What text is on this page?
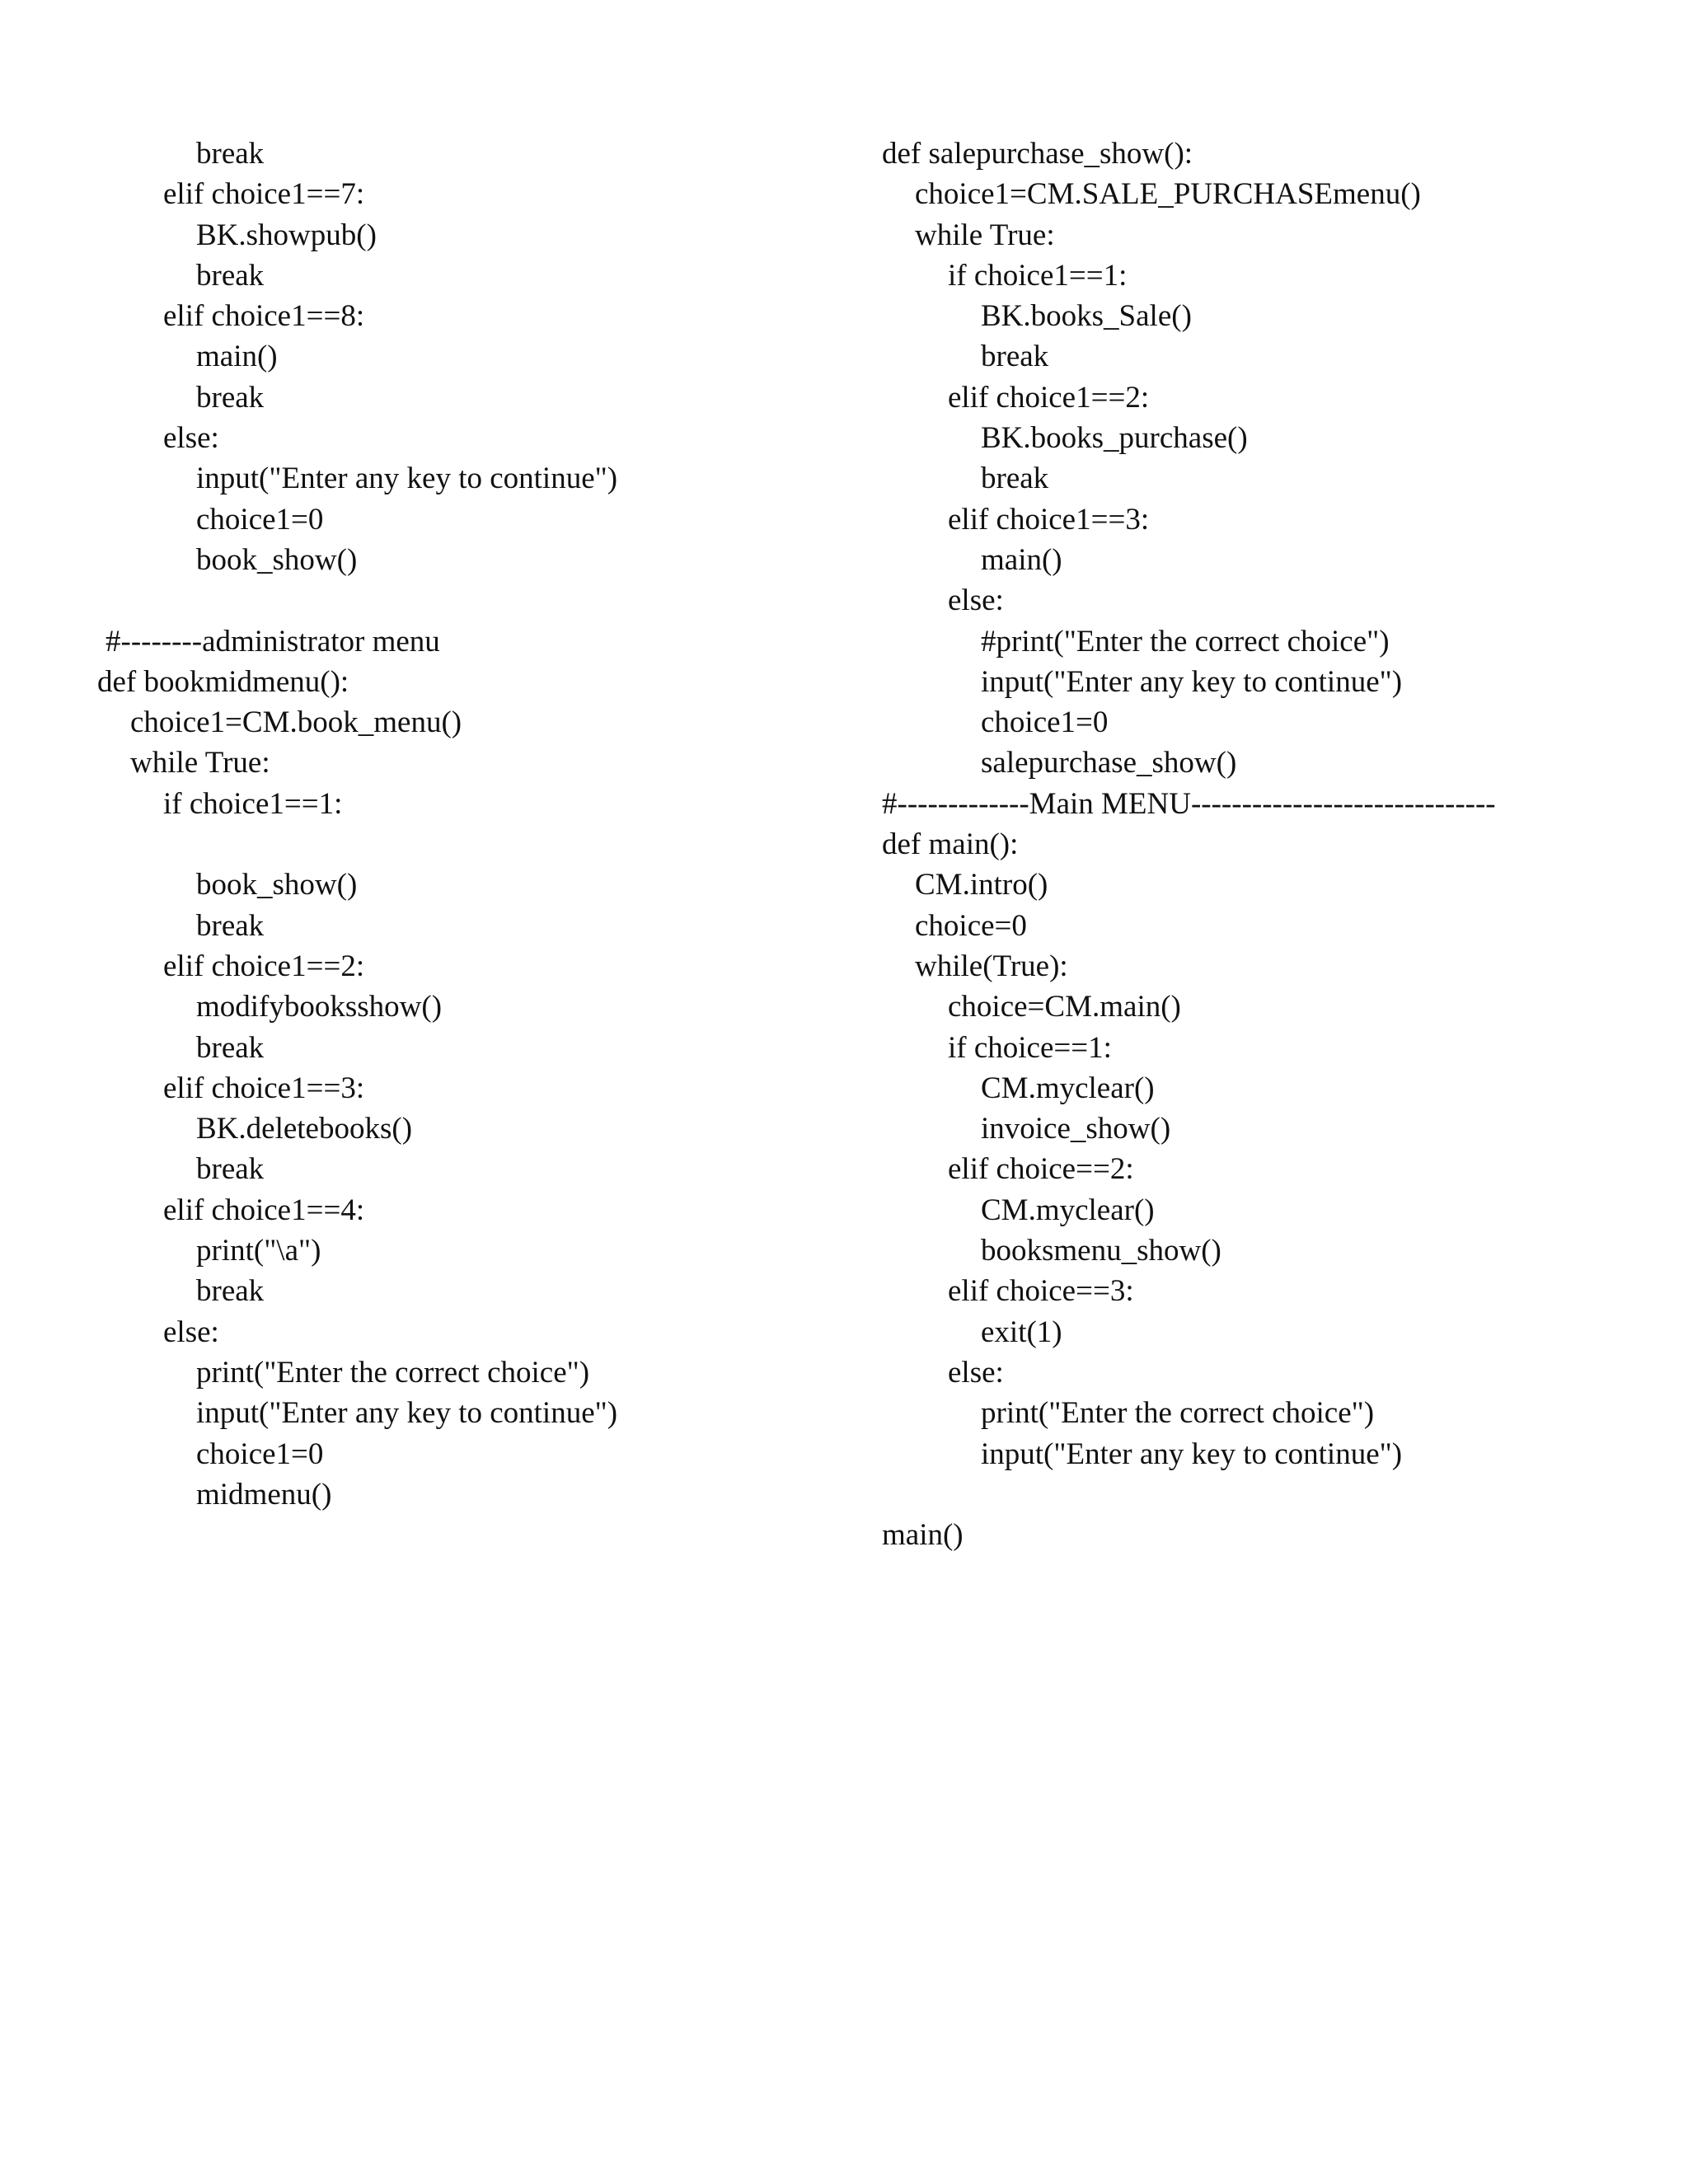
break
elif choice1==7:
BK.showpub()
break
elif choice1==8:
main()
break
else:
input("Enter any key to continue")
choice1=0
book_show()
#--------administrator menu
def bookmidmenu():
choice1=CM.book_menu()
while True:
if choice1==1:
book_show()
break
elif choice1==2:
modifybooksshow()
break
elif choice1==3:
BK.deletebooks()
break
elif choice1==4:
print("\a")
break
else:
print("Enter the correct choice")
input("Enter any key to continue")
choice1=0
midmenu()
def salepurchase_show():
choice1=CM.SALE_PURCHASEmenu()
while True:
if choice1==1:
BK.books_Sale()
break
elif choice1==2:
BK.books_purchase()
break
elif choice1==3:
main()
else:
#print("Enter the correct choice")
input("Enter any key to continue")
choice1=0
salepurchase_show()
#-------------Main MENU------------------------------
def main():
CM.intro()
choice=0
while(True):
choice=CM.main()
if choice==1:
CM.myclear()
invoice_show()
elif choice==2:
CM.myclear()
booksmenu_show()
elif choice==3:
exit(1)
else:
print("Enter the correct choice")
input("Enter any key to continue")
main()
